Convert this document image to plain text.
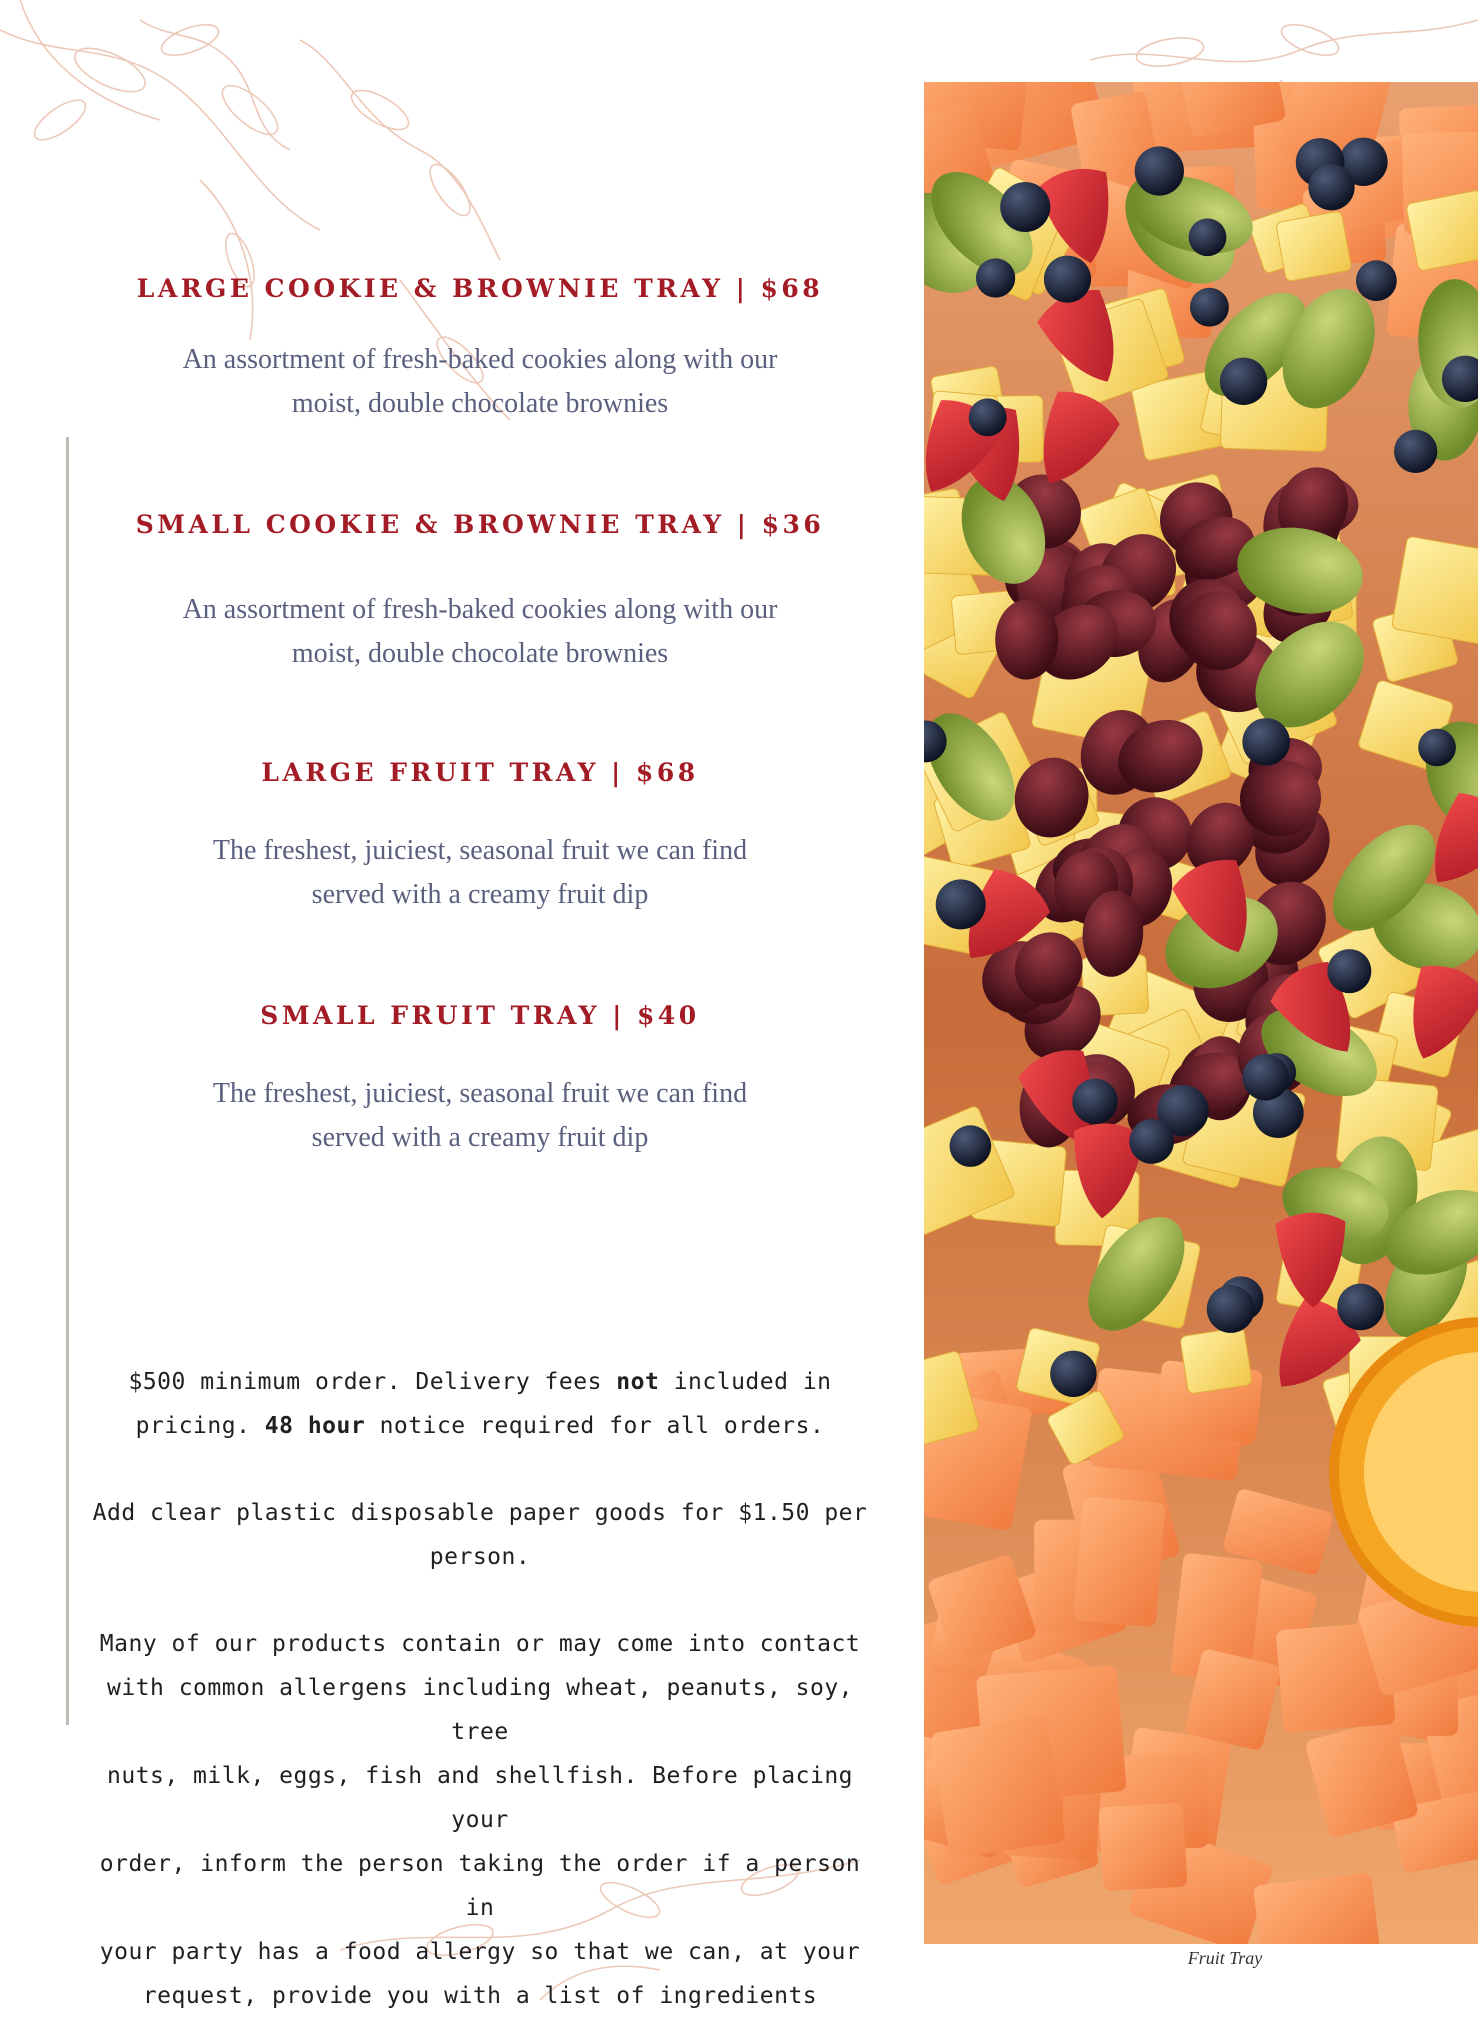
LARGE COOKIE & BROWNIE TRAY | $68

An assortment of fresh-baked cookies along with our
moist, double chocolate brownies

SMALL COOKIE & BROWNIE TRAY | $36

An assortment of fresh-baked cookies along with our
moist, double chocolate brownies

LARGE FRUIT TRAY | $68

The freshest, juiciest, seasonal fruit we can find
served with a creamy fruit dip

SMALL FRUIT TRAY | $40

The freshest, juiciest, seasonal fruit we can find
served with a creamy fruit dip

$500 minimum order. Delivery fees not included in
pricing. 48 hour notice required for all orders.

Add clear plastic disposable paper goods for $1.50 per
person.

Many of our products contain or may come into contact
with common allergens including wheat, peanuts, soy, tree
nuts, milk, eggs, fish and shellfish. Before placing your
order, inform the person taking the order if a person in
your party has a food allergy so that we can, at your
request, provide you with a list of ingredients

Fruit Tray
